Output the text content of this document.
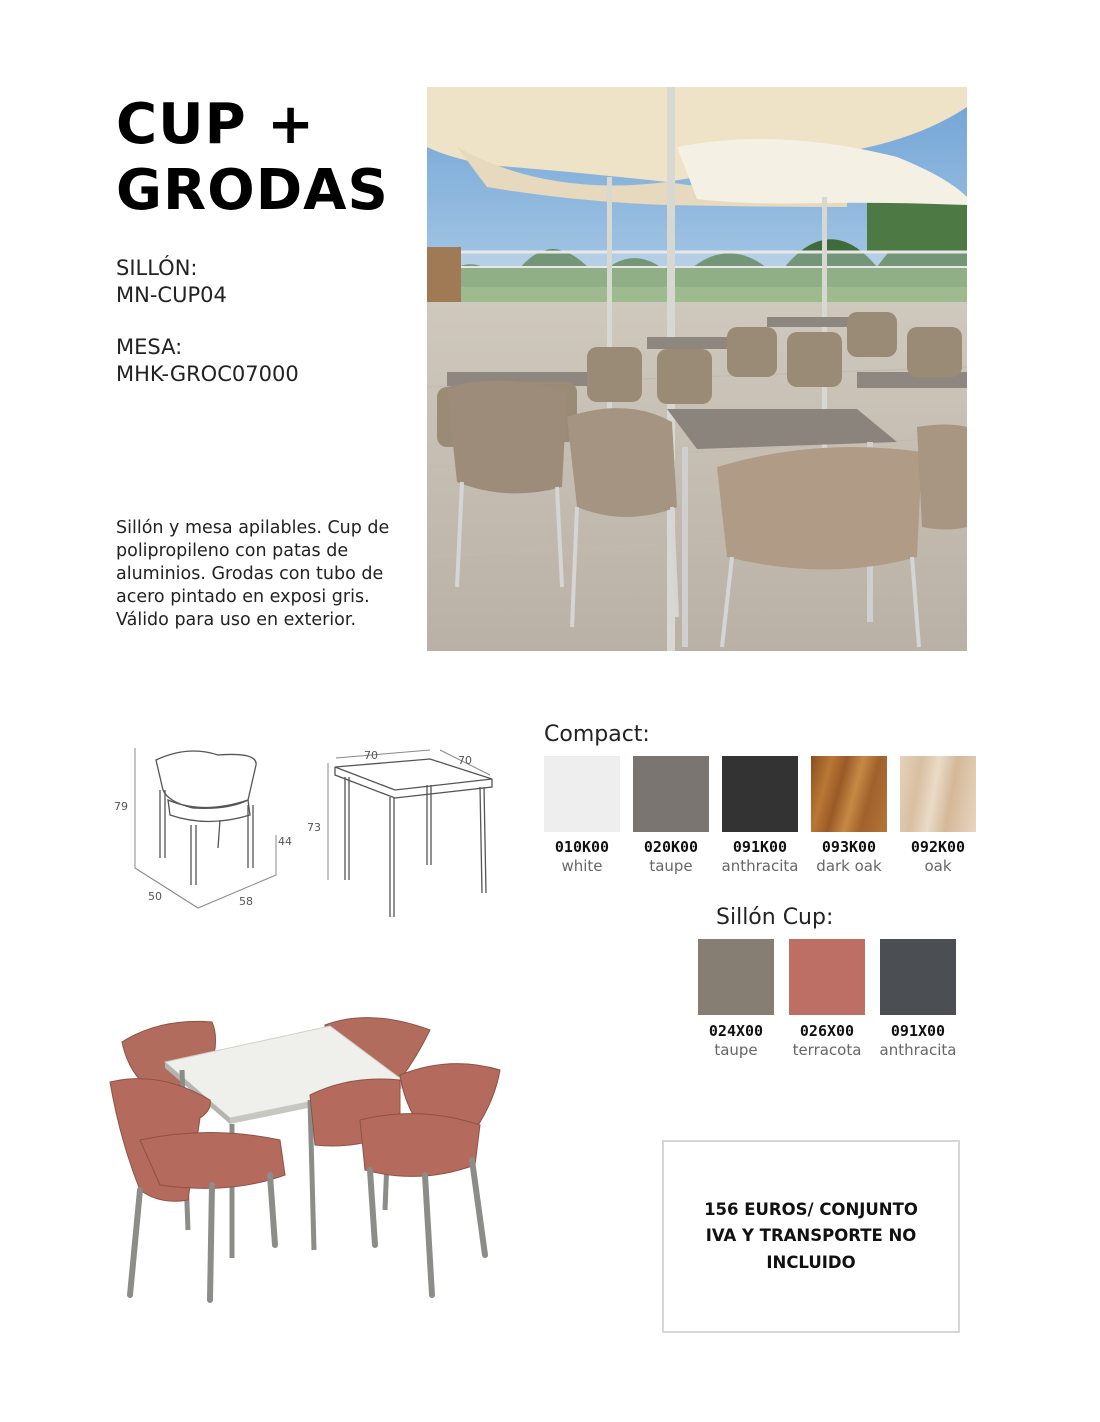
CUP +
GRODAS
SILLÓN:
MN-CUP04
MESA:
MHK-GROC07000
Sillón y mesa apilables. Cup de polipropileno con patas de aluminios. Grodas con tubo de acero pintado en exposi gris. Válido para uso en exterior.
79
44
50	58
70	70
73
Compact:
010K00	020K00	091K00	093K00	092K00
white	taupe	anthracita	dark oak	oak
Sillón Cup:
024X00	026X00	091X00
taupe	terracota	anthracita
156 EUROS/ CONJUNTO
IVA Y TRANSPORTE NO
INCLUIDO
